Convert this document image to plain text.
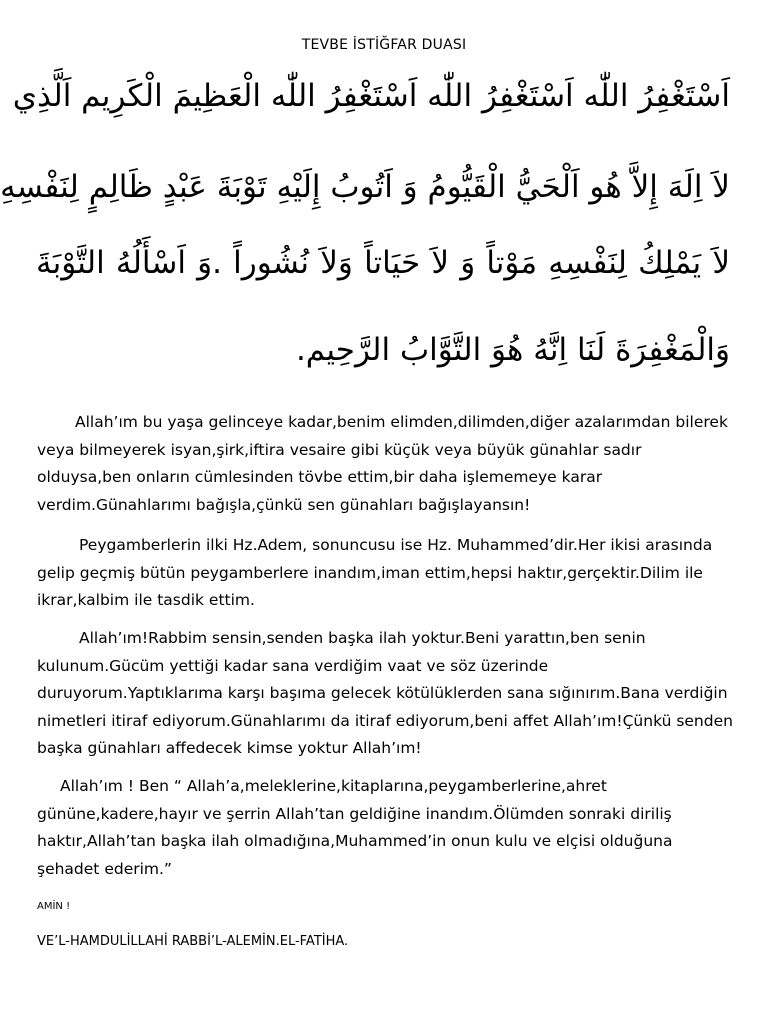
TEVBE İSTİĞFAR DUASI
اَسْتَغْفِرُ اللّٰه اَسْتَغْفِرُ اللّٰه اَسْتَغْفِرُ اللّٰه الْعَظِيمَ الْكَرِيم اَلَّذِي
لاَ اِلَهَ إِلاَّ هُو اَلْحَيُّ الْقَيُّومُ وَ اَتُوبُ إِلَيْهِ تَوْبَةَ عَبْدٍ ظَالِمٍ لِنَفْسِهِ
لاَ يَمْلِكُ لِنَفْسِهِ مَوْتاً وَ لاَ حَيَاتاً وَلاَ نُشُوراً .وَ اَسْأَلُهُ التَّوْبَةَ
وَالْمَغْفِرَةَ لَنَا اِنَّهُ هُوَ التَّوَّابُ الرَّحِيم.
Allah’ım bu yaşa gelinceye kadar,benim elimden,dilimden,diğer azalarımdan bilerek veya bilmeyerek isyan,şirk,iftira vesaire gibi küçük veya büyük günahlar sadır olduysa,ben onların cümlesinden tövbe ettim,bir daha işlememeye karar verdim.Günahlarımı bağışla,çünkü sen günahları bağışlayansın!
Peygamberlerin ilki Hz.Adem, sonuncusu ise Hz. Muhammed’dir.Her ikisi arasında gelip geçmiş bütün peygamberlere inandım,iman ettim,hepsi haktır,gerçektir.Dilim ile ikrar,kalbim ile tasdik ettim.
Allah’ım!Rabbim sensin,senden başka ilah yoktur.Beni yarattın,ben senin kulunum.Gücüm yettiği kadar sana verdiğim vaat ve söz üzerinde duruyorum.Yaptıklarıma karşı başıma gelecek kötülüklerden sana sığınırım.Bana verdiğin nimetleri itiraf ediyorum.Günahlarımı da itiraf ediyorum,beni affet Allah’ım!Çünkü senden başka günahları affedecek kimse yoktur Allah’ım!
Allah’ım ! Ben “ Allah’a,meleklerine,kitaplarına,peygamberlerine,ahret gününe,kadere,hayır ve şerrin Allah’tan geldiğine inandım.Ölümden sonraki diriliş haktır,Allah’tan başka ilah olmadığına,Muhammed’in onun kulu ve elçisi olduğuna şehadet ederim.”
AMİN !
VE’L-HAMDULİLLAHİ RABBİ’L-ALEMİN.EL-FATİHA.
